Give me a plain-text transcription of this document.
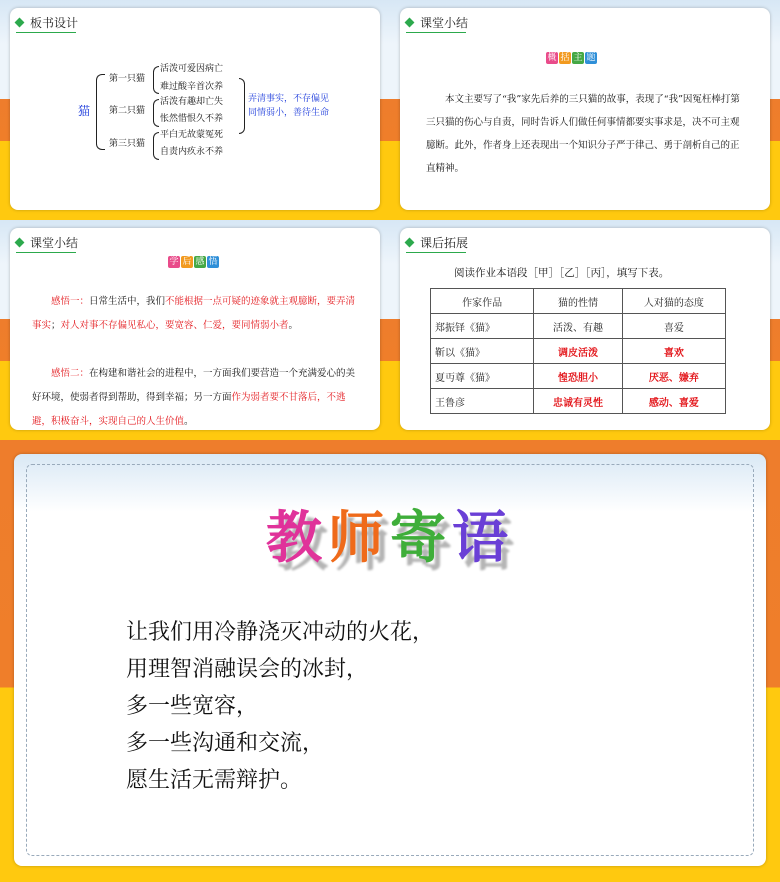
板书设计
猫
第一只猫
第二只猫
第三只猫
活泼可爱因病亡
难过酸辛首次养
活泼有趣却亡失
怅然惜恨久不养
平白无故蒙冤死
自责内疚永不养
弄清事实，不存偏见
同情弱小，善待生命
课堂小结
概 括 主 题
本文主要写了“我”家先后养的三只猫的故事，表现了“我”因冤枉棒打第三只猫的伤心与自责，同时告诉人们做任何事情都要实事求是，决不可主观臆断。此外，作者身上还表现出一个知识分子严于律己、勇于剖析自己的正直精神。
课堂小结
学 后 感 悟
感悟一：日常生活中，我们不能根据一点可疑的迹象就主观臆断，要弄清事实；对人对事不存偏见私心，要宽容、仁爱，要同情弱小者。
感悟二：在构建和谐社会的进程中，一方面我们要营造一个充满爱心的美好环境，使弱者得到帮助，得到幸福；另一方面作为弱者要不甘落后，不逃避，积极奋斗，实现自己的人生价值。
课后拓展
阅读作业本语段［甲］［乙］［丙］，填写下表。
作家作品	猫的性情	人对猫的态度
郑振铎《猫》	活泼、有趣	喜爱
靳以《猫》	调皮活泼	喜欢
夏丏尊《猫》	惶恐胆小	厌恶、嫌弃
王鲁彦	忠诚有灵性	感动、喜爱
教师寄语
让我们用冷静浇灭冲动的火花，
用理智消融误会的冰封，
多一些宽容，
多一些沟通和交流，
愿生活无需辩护。
